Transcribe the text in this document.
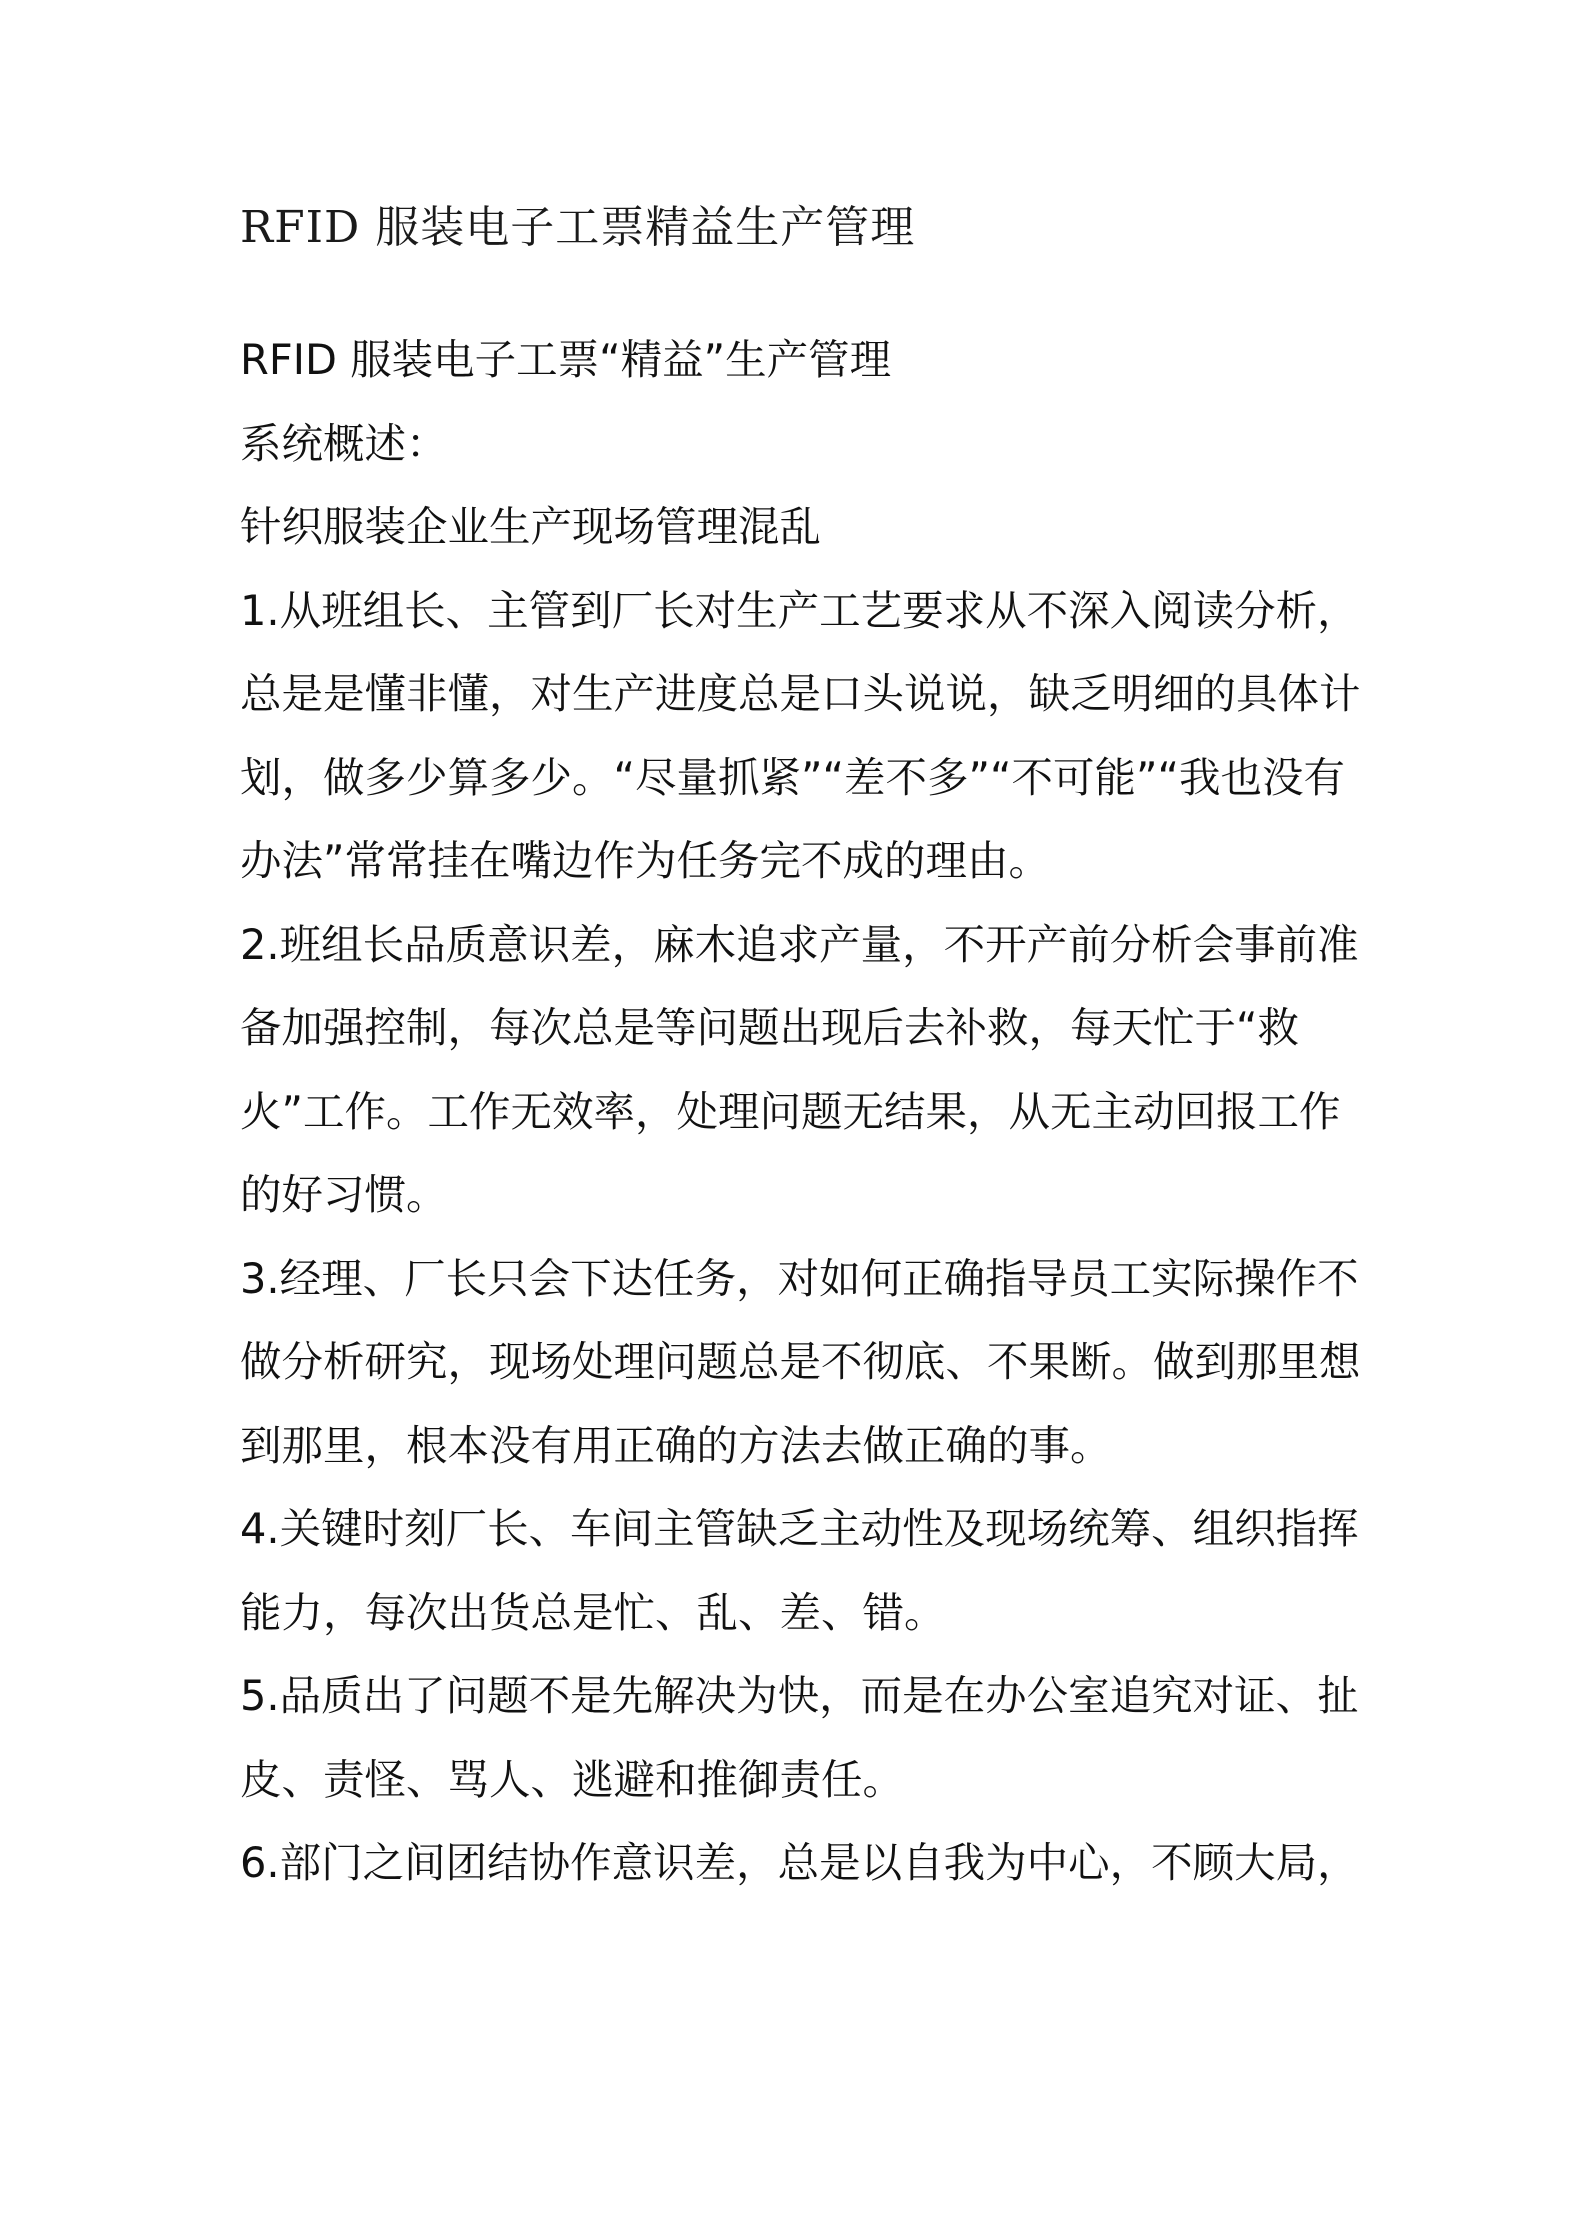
RFID 服装电子工票精益生产管理

RFID 服装电子工票“精益”生产管理

系统概述：

针织服装企业生产现场管理混乱

1.从班组长、主管到厂长对生产工艺要求从不深入阅读分析，总是是懂非懂，对生产进度总是口头说说，缺乏明细的具体计划，做多少算多少。“尽量抓紧”“差不多”“不可能”“我也没有办法”常常挂在嘴边作为任务完不成的理由。

2.班组长品质意识差，麻木追求产量，不开产前分析会事前准备加强控制，每次总是等问题出现后去补救，每天忙于“救火”工作。工作无效率，处理问题无结果，从无主动回报工作的好习惯。

3.经理、厂长只会下达任务，对如何正确指导员工实际操作不做分析研究，现场处理问题总是不彻底、不果断。做到那里想到那里，根本没有用正确的方法去做正确的事。

4.关键时刻厂长、车间主管缺乏主动性及现场统筹、组织指挥能力，每次出货总是忙、乱、差、错。

5.品质出了问题不是先解决为快，而是在办公室追究对证、扯皮、责怪、骂人、逃避和推御责任。

6.部门之间团结协作意识差，总是以自我为中心，不顾大局，
